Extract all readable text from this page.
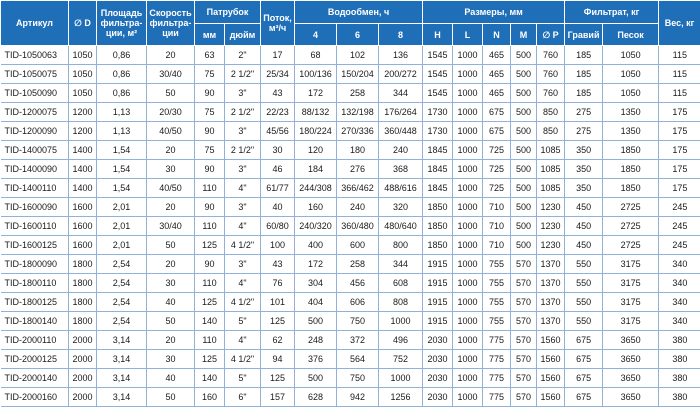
Артикул	∅ D	Площадь фильтра- ции, м²	Скорость фильтра- ции	Патрубок		Поток, м³/ч	Водообмен, ч			Размеры, мм					Фильтрат, кг		Вес, кг
				мм	дюйм		4	6	8	H	L	N	M	∅ P	Гравий	Песок	
TID-1050063	1050	0,86	20	63	2"	17	68	102	136	1545	1000	465	500	760	185	1050	115
TID-1050075	1050	0,86	30/40	75	2 1/2"	25/34	100/136	150/204	200/272	1545	1000	465	500	760	185	1050	115
TID-1050090	1050	0,86	50	90	3"	43	172	258	344	1545	1000	465	500	760	185	1050	115
TID-1200075	1200	1,13	20/30	75	2 1/2"	22/23	88/132	132/198	176/264	1730	1000	675	500	850	275	1350	175
TID-1200090	1200	1,13	40/50	90	3"	45/56	180/224	270/336	360/448	1730	1000	675	500	850	275	1350	175
TID-1400075	1400	1,54	20	75	2 1/2"	30	120	180	240	1845	1000	725	500	1085	350	1850	175
TID-1400090	1400	1,54	30	90	3"	46	184	276	368	1845	1000	725	500	1085	350	1850	175
TID-1400110	1400	1,54	40/50	110	4"	61/77	244/308	366/462	488/616	1845	1000	725	500	1085	350	1850	175
TID-1600090	1600	2,01	20	90	3"	40	160	240	320	1850	1000	710	500	1230	450	2725	245
TID-1600110	1600	2,01	30/40	110	4"	60/80	240/320	360/480	480/640	1850	1000	710	500	1230	450	2725	245
TID-1600125	1600	2,01	50	125	4 1/2"	100	400	600	800	1850	1000	710	500	1230	450	2725	245
TID-1800090	1800	2,54	20	90	3"	43	172	258	344	1915	1000	755	570	1370	550	3175	340
TID-1800110	1800	2,54	30	110	4"	76	304	456	608	1915	1000	755	570	1370	550	3175	340
TID-1800125	1800	2,54	40	125	4 1/2"	101	404	606	808	1915	1000	755	570	1370	550	3175	340
TID-1800140	1800	2,54	50	140	5"	125	500	750	1000	1915	1000	755	570	1370	550	3175	340
TID-2000110	2000	3,14	20	110	4"	62	248	372	496	2030	1000	775	570	1560	675	3650	380
TID-2000125	2000	3,14	30	125	4 1/2"	94	376	564	752	2030	1000	775	570	1560	675	3650	380
TID-2000140	2000	3,14	40	140	5"	125	500	750	1000	2030	1000	775	570	1560	675	3650	380
TID-2000160	2000	3,14	50	160	6"	157	628	942	1256	2030	1000	775	570	1560	675	3650	380
